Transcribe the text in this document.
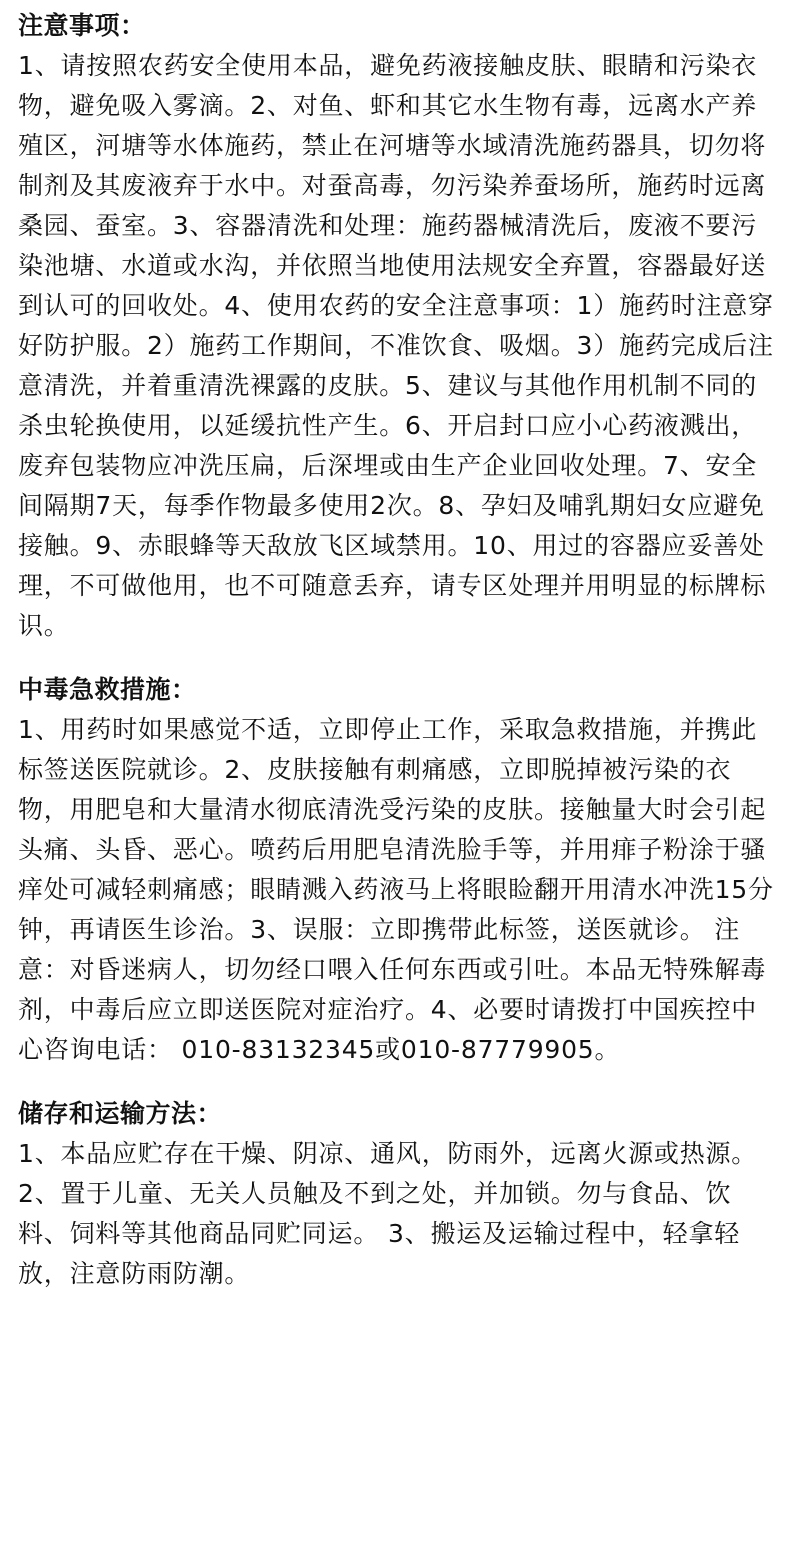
注意事项：

1、请按照农药安全使用本品，避免药液接触皮肤、眼睛和污染衣物，避免吸入雾滴。2、对鱼、虾和其它水生物有毒，远离水产养殖区，河塘等水体施药，禁止在河塘等水域清洗施药器具，切勿将制剂及其废液弃于水中。对蚕高毒，勿污染养蚕场所，施药时远离桑园、蚕室。3、容器清洗和处理：施药器械清洗后，废液不要污染池塘、水道或水沟，并依照当地使用法规安全弃置，容器最好送到认可的回收处。4、使用农药的安全注意事项：1）施药时注意穿好防护服。2）施药工作期间，不准饮食、吸烟。3）施药完成后注意清洗，并着重清洗裸露的皮肤。5、建议与其他作用机制不同的杀虫轮换使用，以延缓抗性产生。6、开启封口应小心药液溅出，废弃包装物应冲洗压扁，后深埋或由生产企业回收处理。7、安全间隔期7天，每季作物最多使用2次。8、孕妇及哺乳期妇女应避免接触。9、赤眼蜂等天敌放飞区域禁用。10、用过的容器应妥善处理，不可做他用，也不可随意丢弃，请专区处理并用明显的标牌标识。

中毒急救措施：

1、用药时如果感觉不适，立即停止工作，采取急救措施，并携此标签送医院就诊。2、皮肤接触有刺痛感，立即脱掉被污染的衣物，用肥皂和大量清水彻底清洗受污染的皮肤。接触量大时会引起头痛、头昏、恶心。喷药后用肥皂清洗脸手等，并用痱子粉涂于骚痒处可减轻刺痛感；眼睛溅入药液马上将眼睑翻开用清水冲洗15分钟，再请医生诊治。3、误服：立即携带此标签，送医就诊。 注意：对昏迷病人，切勿经口喂入任何东西或引吐。本品无特殊解毒剂，中毒后应立即送医院对症治疗。4、必要时请拨打中国疾控中心咨询电话： 010-83132345或010-87779905。

储存和运输方法：

1、本品应贮存在干燥、阴凉、通风，防雨外，远离火源或热源。 2、置于儿童、无关人员触及不到之处，并加锁。勿与食品、饮料、饲料等其他商品同贮同运。 3、搬运及运输过程中，轻拿轻放，注意防雨防潮。
